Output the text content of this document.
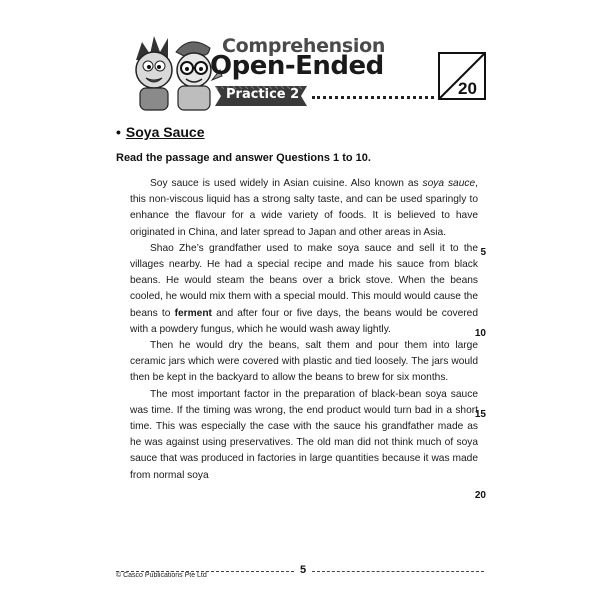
Comprehension
Open-Ended
Practice 2	20
• Soya Sauce
Read the passage and answer Questions 1 to 10.

Soy sauce is used widely in Asian cuisine. Also known as soya sauce, this non-viscous liquid has a strong salty taste, and can be used sparingly to enhance the flavour for a wide variety of foods. It is believed to have originated in China, and later spread to Japan and other areas in Asia.

Shao Zhe’s grandfather used to make soya sauce and sell it to the villages nearby. He had a special recipe and made his sauce from black beans. He would steam the beans over a brick stove. When the beans cooled, he would mix them with a special mould. This mould would cause the beans to ferment and after four or five days, the beans would be covered with a powdery fungus, which he would wash away lightly.

Then he would dry the beans, salt them and pour them into large ceramic jars which were covered with plastic and tied loosely. The jars would then be kept in the backyard to allow the beans to brew for six months.

The most important factor in the preparation of black-bean soya sauce was time. If the timing was wrong, the end product would turn bad in a short time. This was especially the case with the sauce his grandfather made as he was against using preservatives. The old man did not think much of soya sauce that was produced in factories in large quantities because it was made from normal soya

5
10
15
20
5
© Casco Publications Pte Ltd
